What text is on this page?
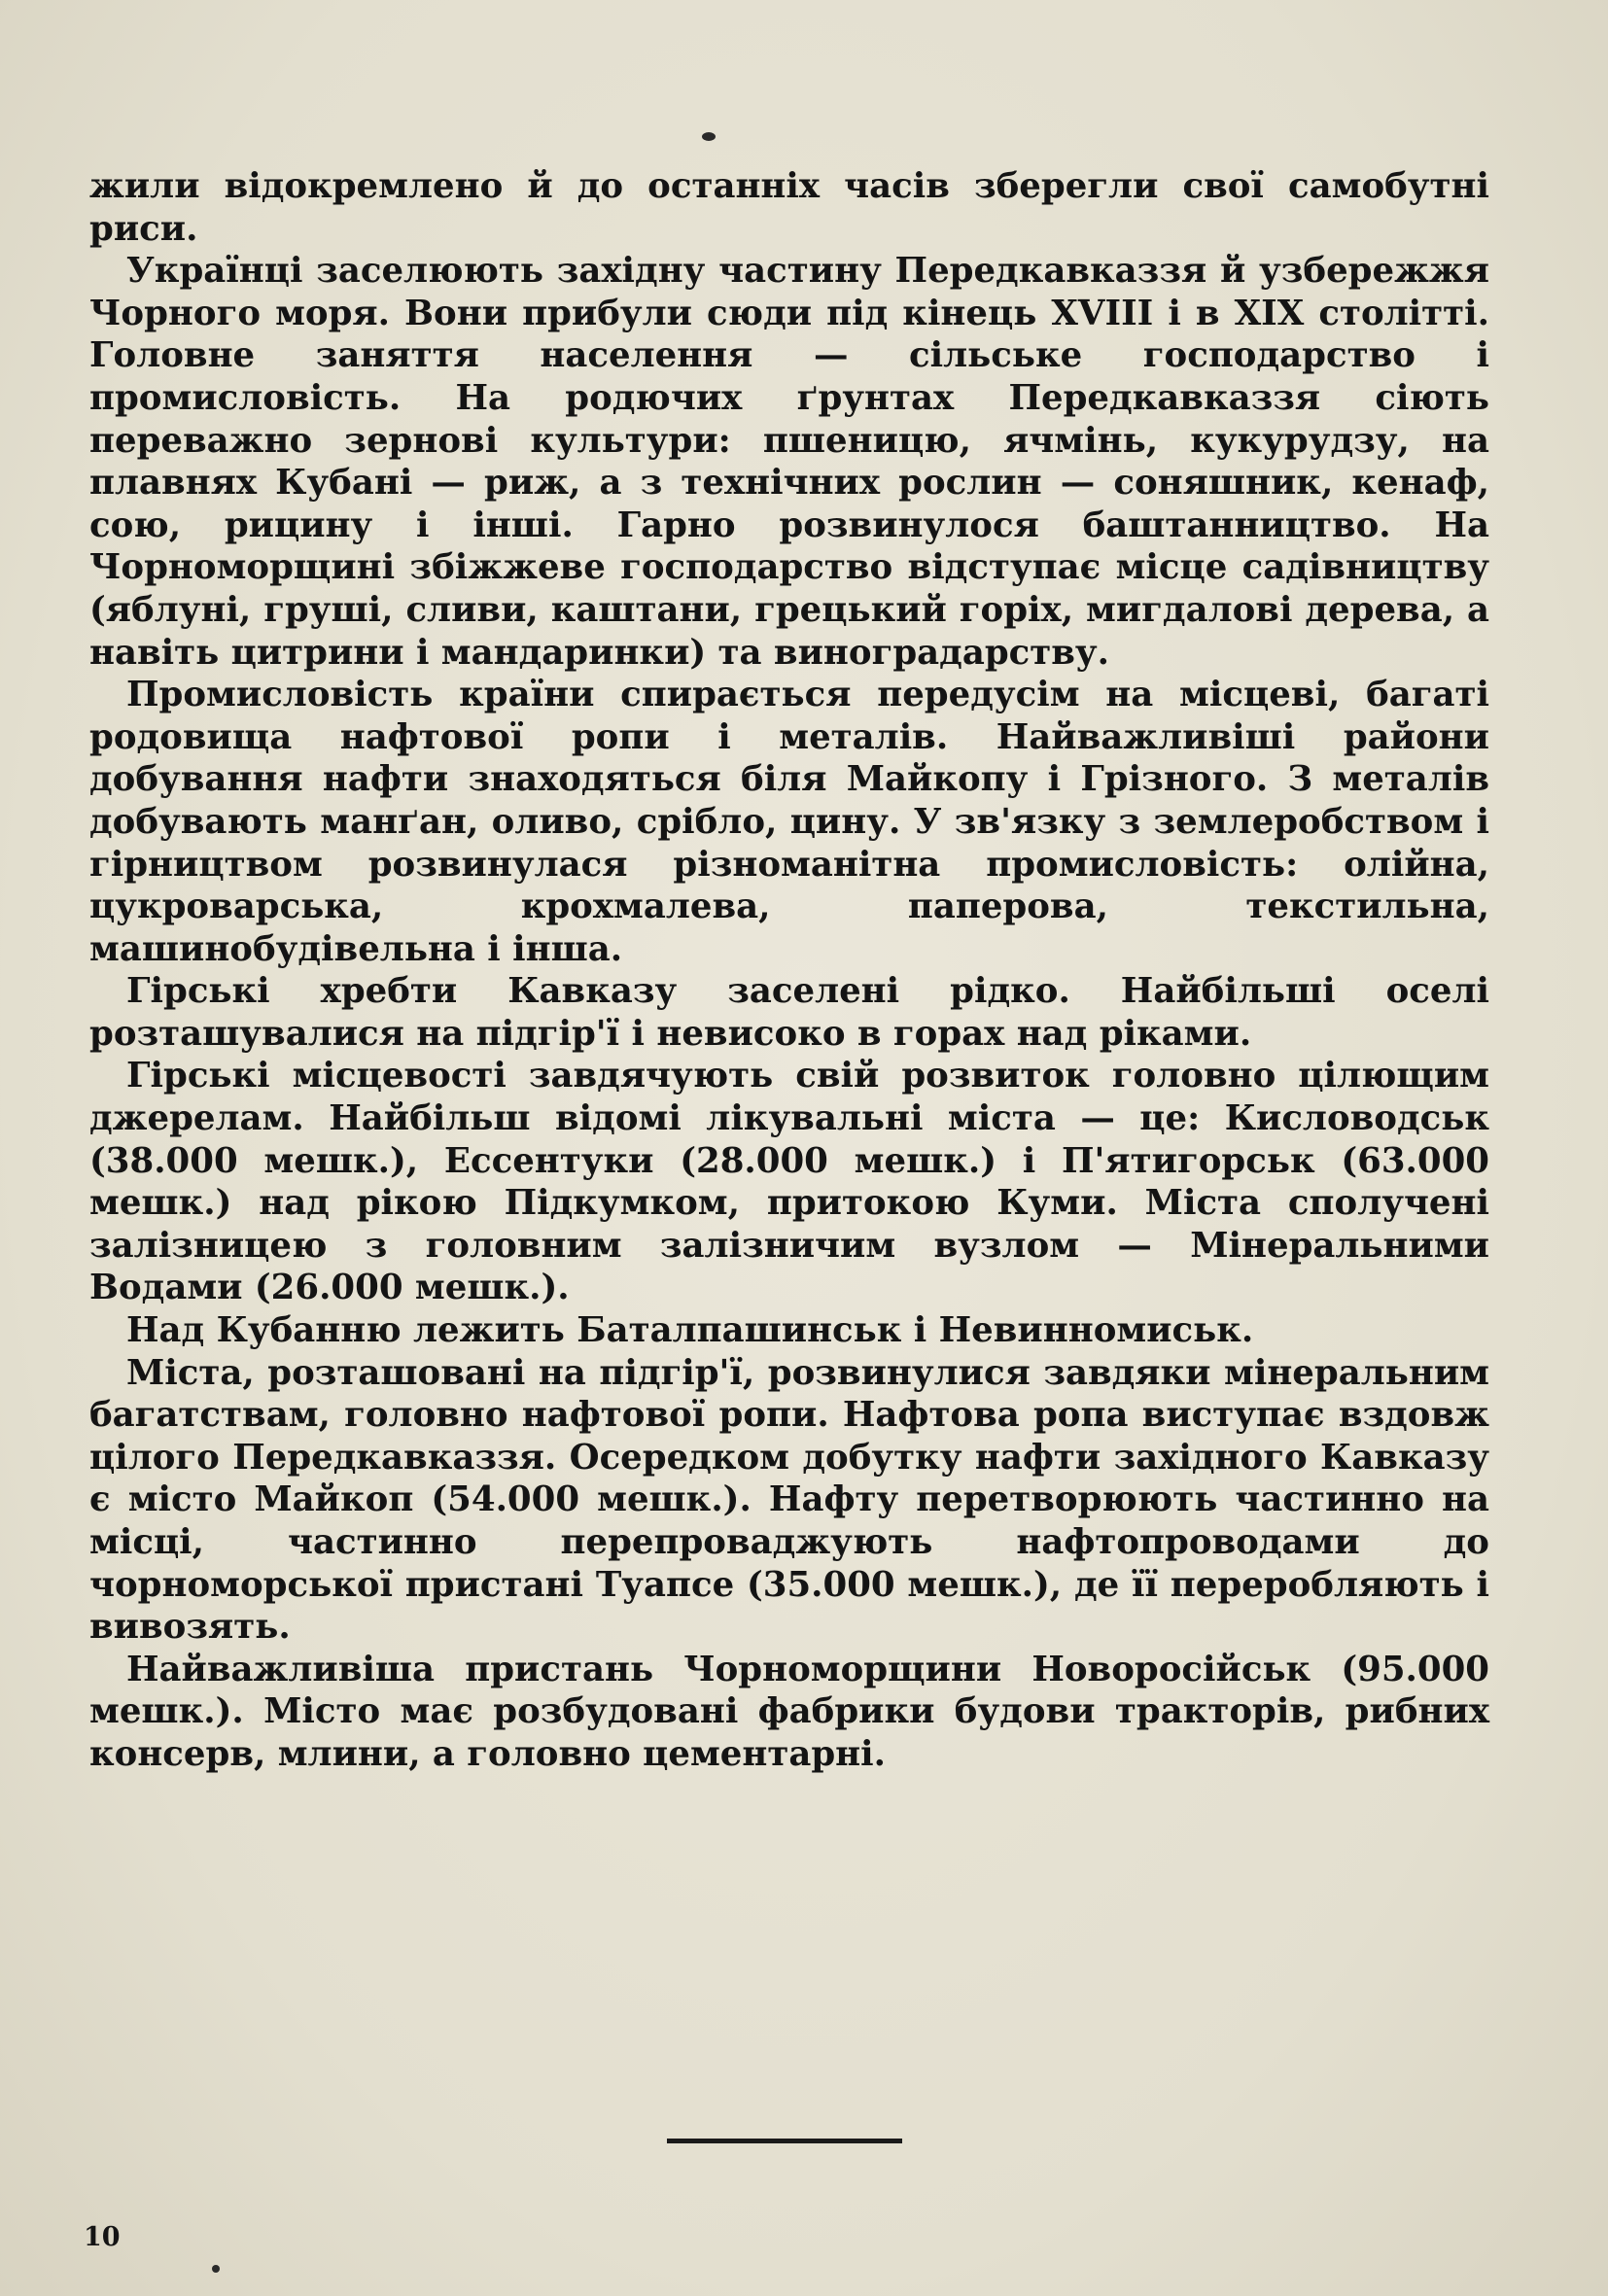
жили відокремлено й до останніх часів зберегли свої самобутні риси.

Українці заселюють західну частину Передкавказзя й узбережжя Чорного моря. Вони прибули сюди під кінець XVIII і в XIX столітті. Головне заняття населення — сільське господарство і промисловість. На родючих ґрунтах Передкавказзя сіють переважно зернові культури: пшеницю, ячмінь, кукурудзу, на плавнях Кубані — риж, а з технічних рослин — соняшник, кенаф, сою, рицину і інші. Гарно розвинулося баштанництво. На Чорноморщині збіжжеве господарство відступає місце садівництву (яблуні, груші, сливи, каштани, грецький горіх, мигдалові дерева, а навіть цитрини і мандаринки) та виноградарству.

Промисловість країни спирається передусім на місцеві, багаті родовища нафтової ропи і металів. Найважливіші райони добування нафти знаходяться біля Майкопу і Грізного. З металів добувають манґан, оливо, срібло, цину. У зв'язку з землеробством і гірництвом розвинулася різноманітна промисловість: олійна, цукроварська, крохмалева, паперова, текстильна, машинобудівельна і інша.

Гірські хребти Кавказу заселені рідко. Найбільші оселі розташувалися на підгір'ї і невисоко в горах над ріками.

Гірські місцевості завдячують свій розвиток головно цілющим джерелам. Найбільш відомі лікувальні міста — це: Кисловодськ (38.000 мешк.), Ессентуки (28.000 мешк.) і П'ятигорськ (63.000 мешк.) над рікою Підкумком, притокою Куми. Міста сполучені залізницею з головним залізничим вузлом — Мінеральними Водами (26.000 мешк.).

Над Кубанню лежить Баталпашинськ і Невинномиськ.

Міста, розташовані на підгір'ї, розвинулися завдяки мінеральним багатствам, головно нафтової ропи. Нафтова ропа виступає вздовж цілого Передкавказзя. Осередком добутку нафти західного Кавказу є місто Майкоп (54.000 мешк.). Нафту перетворюють частинно на місці, частинно перепроваджують нафтопроводами до чорноморської пристані Туапсе (35.000 мешк.), де її переробляють і вивозять.

Найважливіша пристань Чорноморщини Новоросійськ (95.000 мешк.). Місто має розбудовані фабрики будови тракторів, рибних консерв, млини, а головно цементарні.

10
